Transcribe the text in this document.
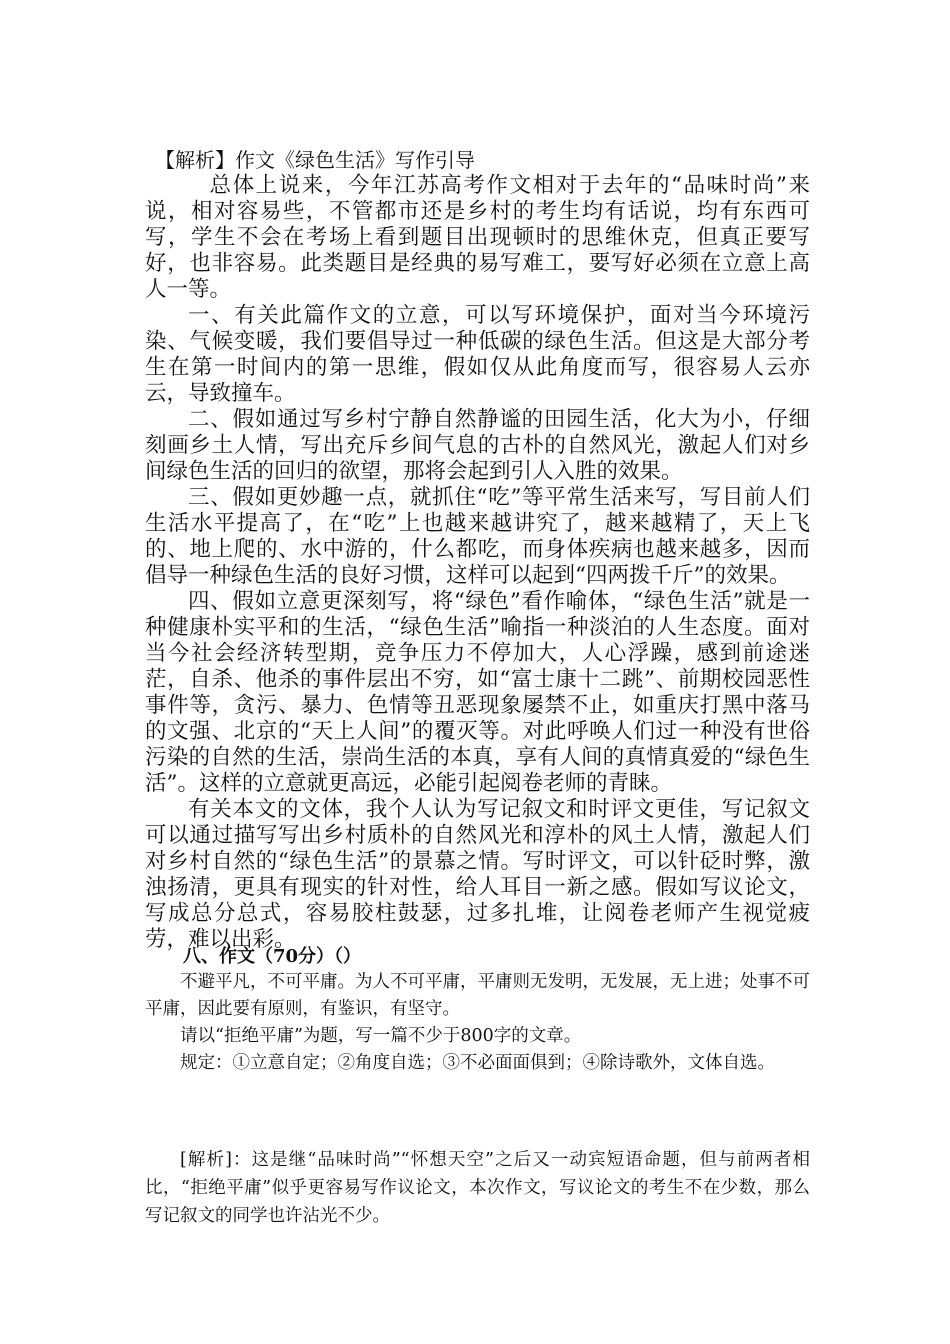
【解析】作文《绿色生活》写作引导

总体上说来，今年江苏高考作文相对于去年的“品味时尚”来说，相对容易些，不管都市还是乡村的考生均有话说，均有东西可写，学生不会在考场上看到题目出现顿时的思维休克，但真正要写好，也非容易。此类题目是经典的易写难工，要写好必须在立意上高人一等。

一、有关此篇作文的立意，可以写环境保护，面对当今环境污染、气候变暖，我们要倡导过一种低碳的绿色生活。但这是大部分考生在第一时间内的第一思维，假如仅从此角度而写，很容易人云亦云，导致撞车。

二、假如通过写乡村宁静自然静谧的田园生活，化大为小，仔细刻画乡土人情，写出充斥乡间气息的古朴的自然风光，激起人们对乡间绿色生活的回归的欲望，那将会起到引人入胜的效果。

三、假如更妙趣一点，就抓住“吃”等平常生活来写，写目前人们生活水平提高了，在“吃”上也越来越讲究了，越来越精了，天上飞的、地上爬的、水中游的，什么都吃，而身体疾病也越来越多，因而倡导一种绿色生活的良好习惯，这样可以起到“四两拨千斤”的效果。

四、假如立意更深刻写，将“绿色”看作喻体，“绿色生活”就是一种健康朴实平和的生活，“绿色生活”喻指一种淡泊的人生态度。面对当今社会经济转型期，竞争压力不停加大，人心浮躁，感到前途迷茫，自杀、他杀的事件层出不穷，如“富士康十二跳”、前期校园恶性事件等，贪污、暴力、色情等丑恶现象屡禁不止，如重庆打黑中落马的文强、北京的“天上人间”的覆灭等。对此呼唤人们过一种没有世俗污染的自然的生活，崇尚生活的本真，享有人间的真情真爱的“绿色生活”。这样的立意就更高远，必能引起阅卷老师的青睐。

有关本文的文体，我个人认为写记叙文和时评文更佳，写记叙文可以通过描写写出乡村质朴的自然风光和淳朴的风土人情，激起人们对乡村自然的“绿色生活”的景慕之情。写时评文，可以针砭时弊，激浊扬清，更具有现实的针对性，给人耳目一新之感。假如写议论文，写成总分总式，容易胶柱鼓瑟，过多扎堆，让阅卷老师产生视觉疲劳，难以出彩。

八、作文（70分）（）

不避平凡，不可平庸。为人不可平庸，平庸则无发明，无发展，无上进；处事不可平庸，因此要有原则，有鉴识，有坚守。

请以“拒绝平庸”为题，写一篇不少于800字的文章。

规定：①立意自定；②角度自选；③不必面面俱到；④除诗歌外，文体自选。

[解析]：这是继“品味时尚”“怀想天空”之后又一动宾短语命题，但与前两者相比，“拒绝平庸”似乎更容易写作议论文，本次作文，写议论文的考生不在少数，那么写记叙文的同学也许沾光不少。
